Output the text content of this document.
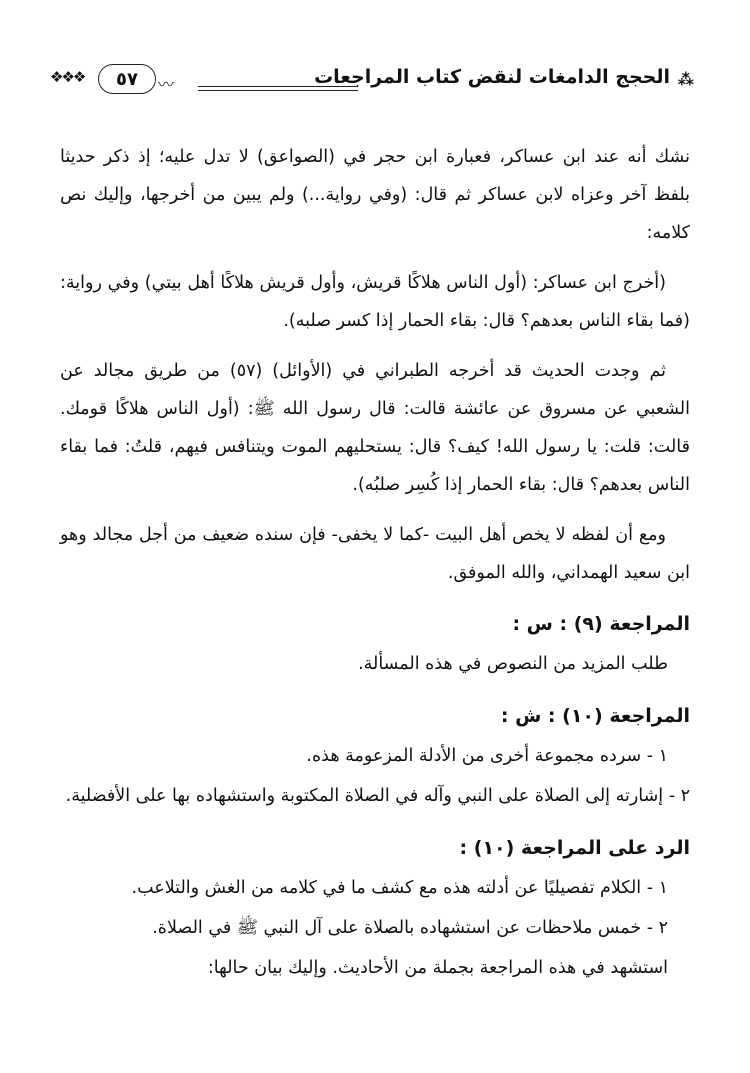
⁂
الحجج الدامغات لنقض كتاب المراجعات
〰
٥٧
❖❖❖

نشك أنه عند ابن عساكر، فعبارة ابن حجر في (الصواعق) لا تدل عليه؛ إذ ذكر حديثا بلفظ آخر وعزاه لابن عساكر ثم قال: (وفي رواية...) ولم يبين من أخرجها، وإليك نص كلامه:

(أخرج ابن عساكر: (أول الناس هلاكًا قريش، وأول قريش هلاكًا أهل بيتي) وفي رواية: (فما بقاء الناس بعدهم؟ قال: بقاء الحمار إذا كسر صلبه).

ثم وجدت الحديث قد أخرجه الطبراني في (الأوائل) (٥٧) من طريق مجالد عن الشعبي عن مسروق عن عائشة قالت: قال رسول الله ﷺ: (أول الناس هلاكًا قومك. قالت: قلت: يا رسول الله! كيف؟ قال: يستحليهم الموت ويتنافس فيهم، قلتُ: فما بقاء الناس بعدهم؟ قال: بقاء الحمار إذا كُسِر صلبُه).

ومع أن لفظه لا يخص أهل البيت -كما لا يخفى- فإن سنده ضعيف من أجل مجالد وهو ابن سعيد الهمداني، والله الموفق.

المراجعة (٩) : س :

طلب المزيد من النصوص في هذه المسألة.

المراجعة (١٠) : ش :

١ - سرده مجموعة أخرى من الأدلة المزعومة هذه.

٢ - إشارته إلى الصلاة على النبي وآله في الصلاة المكتوبة واستشهاده بها على الأفضلية.

الرد على المراجعة (١٠) :

١ - الكلام تفصيليًا عن أدلته هذه مع كشف ما في كلامه من الغش والتلاعب.

٢ - خمس ملاحظات عن استشهاده بالصلاة على آل النبي ﷺ في الصلاة.

استشهد في هذه المراجعة بجملة من الأحاديث. وإليك بيان حالها:
